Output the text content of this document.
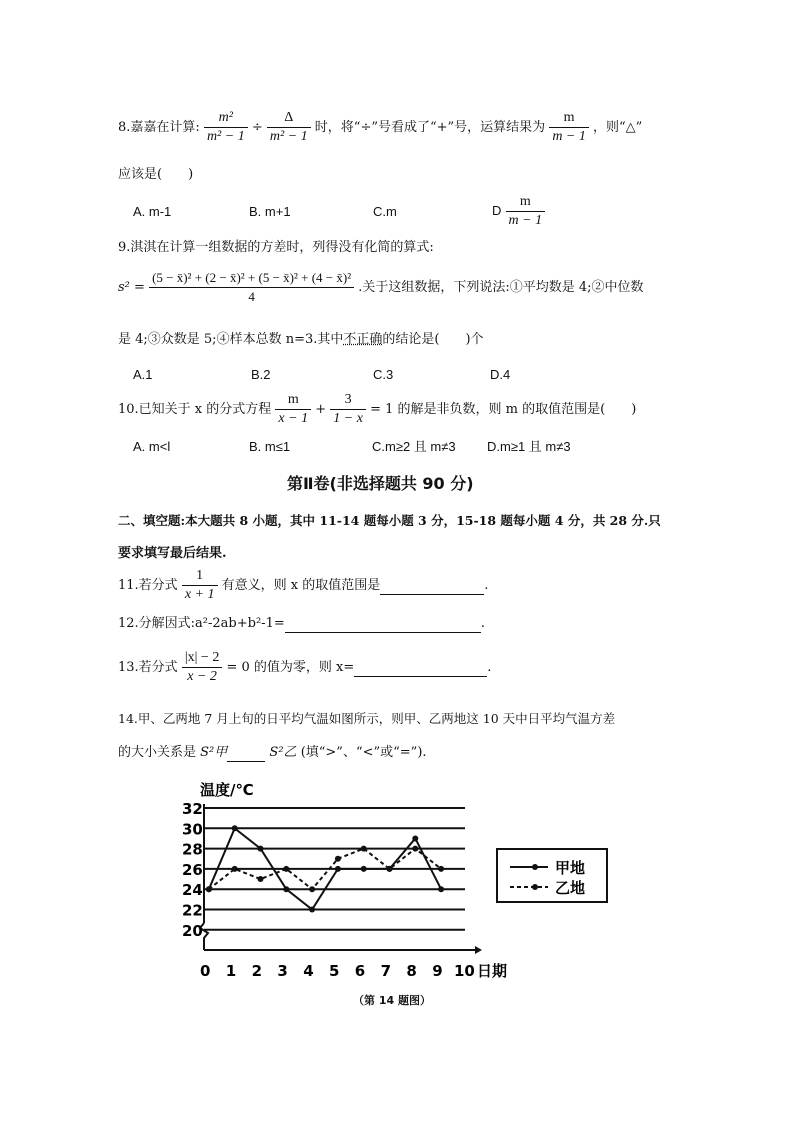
8.嘉嘉在计算: $\frac{\text{m²}}{\text{m² − 1}} \div \frac{\Delta}{\text{m² − 1}}$ 时，将“÷”号看成了“+”号，运算结果为 $\frac{m}{m - 1}$ ，则“△”
应该是(　　)
A. m-1	B. m+1	C.m	D $\frac{m}{m - 1}$
9.淇淇在计算一组数据的方差时，列得没有化简的算式:
$s^2 = \frac{\text{(5 − x̄)² + (2 − x̄)² + (5 − x̄)² + (4 − x̄)²}}{4}$ .关于这组数据，下列说法:①平均数是 4;②中位数
是 4;③众数是 5;④样本总数 n=3.其中不正确的结论是(　　)个
A.1	B.2	C.3	D.4
10.已知关于 x 的分式方程 $\frac{m}{x - 1} + \frac{3}{1 - x} = 1$ 的解是非负数，则 m 的取值范围是(　　)
A. m<l	B. m≤1	C.m≥2 且 m≠3 D.m≥1 且 m≠3
第Ⅱ卷(非选择题共 90 分)
二、填空题:本大题共 8 小题，其中 11-14 题每小题 3 分，15-18 题每小题 4 分，共 28 分.只
要求填写最后结果.
11.若分式 $\frac{1}{x + 1}$ 有意义，则 x 的取值范围是	.
12.分解因式:a²-2ab+b²-1=	.
13.若分式 $\frac{|x| - 2}{x - 2} = 0$ 的值为零，则 x=	.
14.甲、乙两地 7 月上旬的日平均气温如图所示，则甲、乙两地这 10 天中日平均气温方差
的大小关系是 S²甲	S²乙 (填“>”、“<”或“=”).
温度/℃
日期
20
22
24
26
28
30
32
0 1 2 3 4 5 6 7 8 9 10
甲地
乙地
（第 14 题图）
